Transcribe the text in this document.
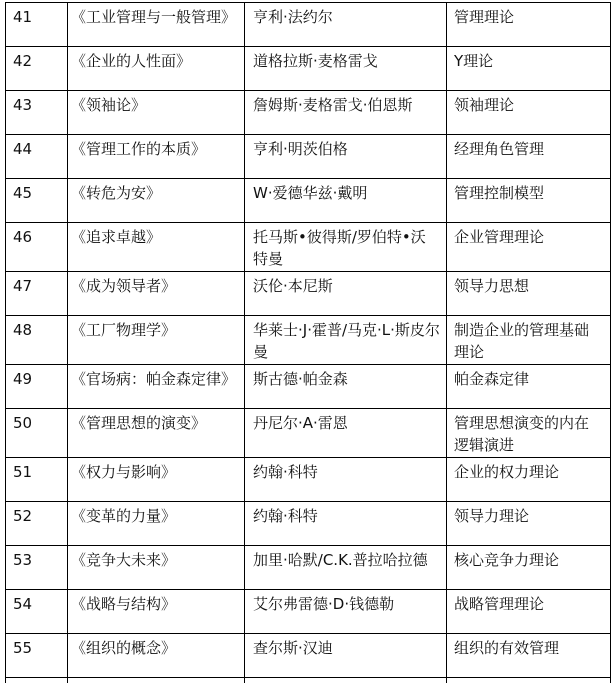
41	《工业管理与一般管理》	亨利·法约尔	管理理论
42	《企业的人性面》	道格拉斯·麦格雷戈	Y理论
43	《领袖论》	詹姆斯·麦格雷戈·伯恩斯	领袖理论
44	《管理工作的本质》	亨利·明茨伯格	经理角色管理
45	《转危为安》	W·爱德华兹·戴明	管理控制模型
46	《追求卓越》	托马斯•彼得斯/罗伯特•沃特曼	企业管理理论
47	《成为领导者》	沃伦·本尼斯	领导力思想
48	《工厂物理学》	华莱士·J·霍普/马克·L·斯皮尔曼	制造企业的管理基础理论
49	《官场病：帕金森定律》	斯古德·帕金森	帕金森定律
50	《管理思想的演变》	丹尼尔·A·雷恩	管理思想演变的内在逻辑演进
51	《权力与影响》	约翰·科特	企业的权力理论
52	《变革的力量》	约翰·科特	领导力理论
53	《竞争大未来》	加里·哈默/C.K.普拉哈拉德	核心竞争力理论
54	《战略与结构》	艾尔弗雷德·D·钱德勒	战略管理理论
55	《组织的概念》	查尔斯·汉迪	组织的有效管理
